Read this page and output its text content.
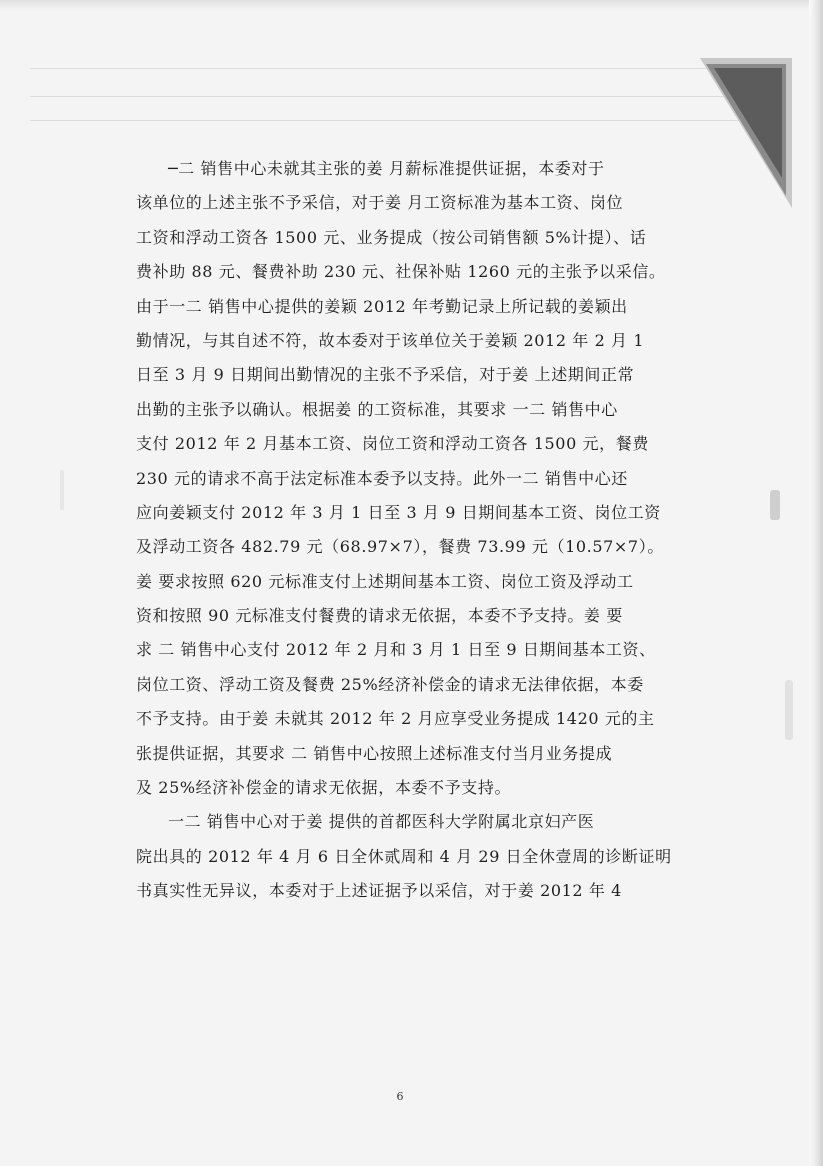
─二 销售中心未就其主张的姜 月薪标准提供证据，本委对于
该单位的上述主张不予采信，对于姜 月工资标准为基本工资、岗位
工资和浮动工资各 1500 元、业务提成（按公司销售额 5%计提）、话
费补助 88 元、餐费补助 230 元、社保补贴 1260 元的主张予以采信。
由于一二 销售中心提供的姜颖 2012 年考勤记录上所记载的姜颖出
勤情况，与其自述不符，故本委对于该单位关于姜颖 2012 年 2 月 1
日至 3 月 9 日期间出勤情况的主张不予采信，对于姜 上述期间正常
出勤的主张予以确认。根据姜 的工资标准，其要求 一二 销售中心
支付 2012 年 2 月基本工资、岗位工资和浮动工资各 1500 元，餐费
230 元的请求不高于法定标准本委予以支持。此外一二 销售中心还
应向姜颖支付 2012 年 3 月 1 日至 3 月 9 日期间基本工资、岗位工资
及浮动工资各 482.79 元（68.97×7），餐费 73.99 元（10.57×7）。
姜 要求按照 620 元标准支付上述期间基本工资、岗位工资及浮动工
资和按照 90 元标准支付餐费的请求无依据，本委不予支持。姜 要
求 二 销售中心支付 2012 年 2 月和 3 月 1 日至 9 日期间基本工资、
岗位工资、浮动工资及餐费 25%经济补偿金的请求无法律依据，本委
不予支持。由于姜 未就其 2012 年 2 月应享受业务提成 1420 元的主
张提供证据，其要求 二 销售中心按照上述标准支付当月业务提成
及 25%经济补偿金的请求无依据，本委不予支持。
一二 销售中心对于姜 提供的首都医科大学附属北京妇产医
院出具的 2012 年 4 月 6 日全休贰周和 4 月 29 日全休壹周的诊断证明
书真实性无异议，本委对于上述证据予以采信，对于姜 2012 年 4
6
